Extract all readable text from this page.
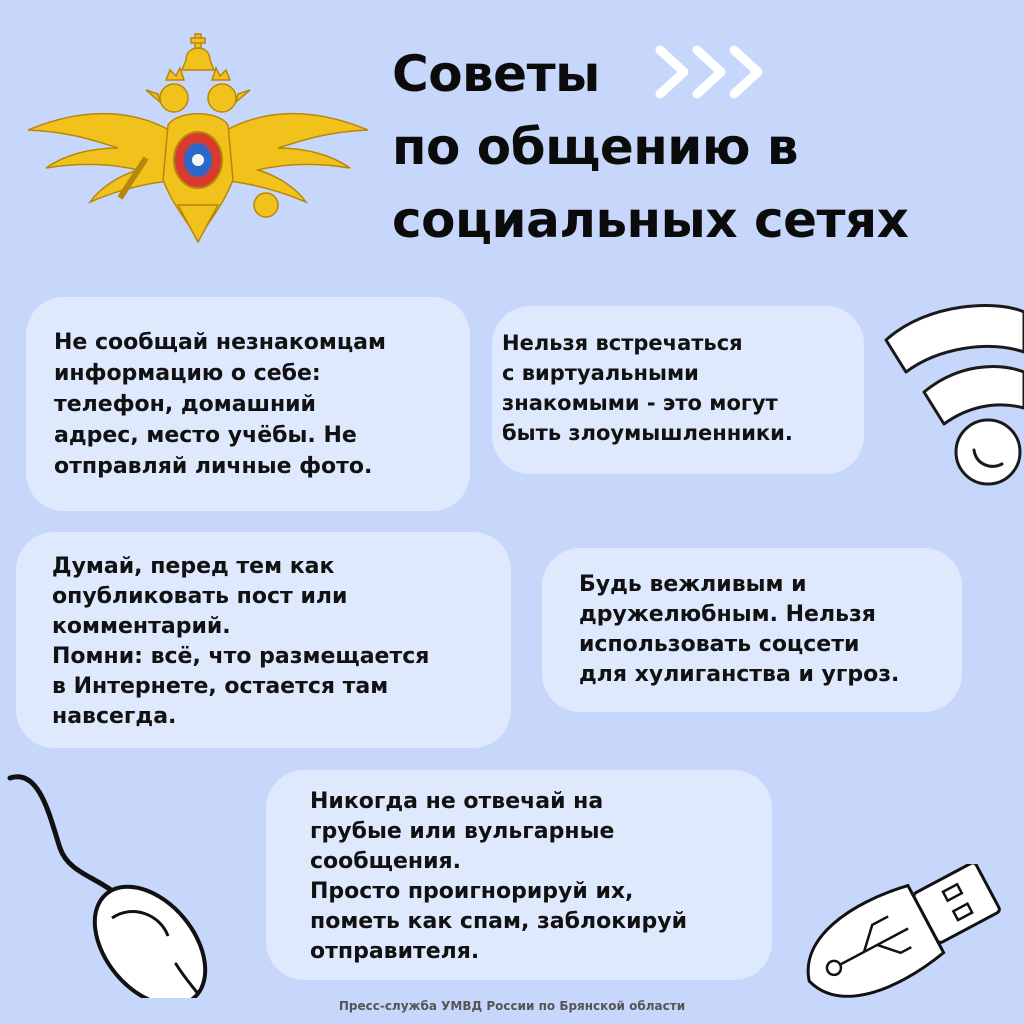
Советы
по общению в
социальных сетях

Не сообщай незнакомцам
информацию о себе:
телефон, домашний
адрес, место учёбы. Не
отправляй личные фото.

Нельзя встречаться
с виртуальными
знакомыми - это могут
быть злоумышленники.

Думай, перед тем как
опубликовать пост или
комментарий.
Помни: всё, что размещается
в Интернете, остается там
навсегда.

Будь вежливым и
дружелюбным. Нельзя
использовать соцсети
для хулиганства и угроз.

Никогда не отвечай на
грубые или вульгарные
сообщения.
Просто проигнорируй их,
пометь как спам, заблокируй
отправителя.

Пресс-служба УМВД России по Брянской области
